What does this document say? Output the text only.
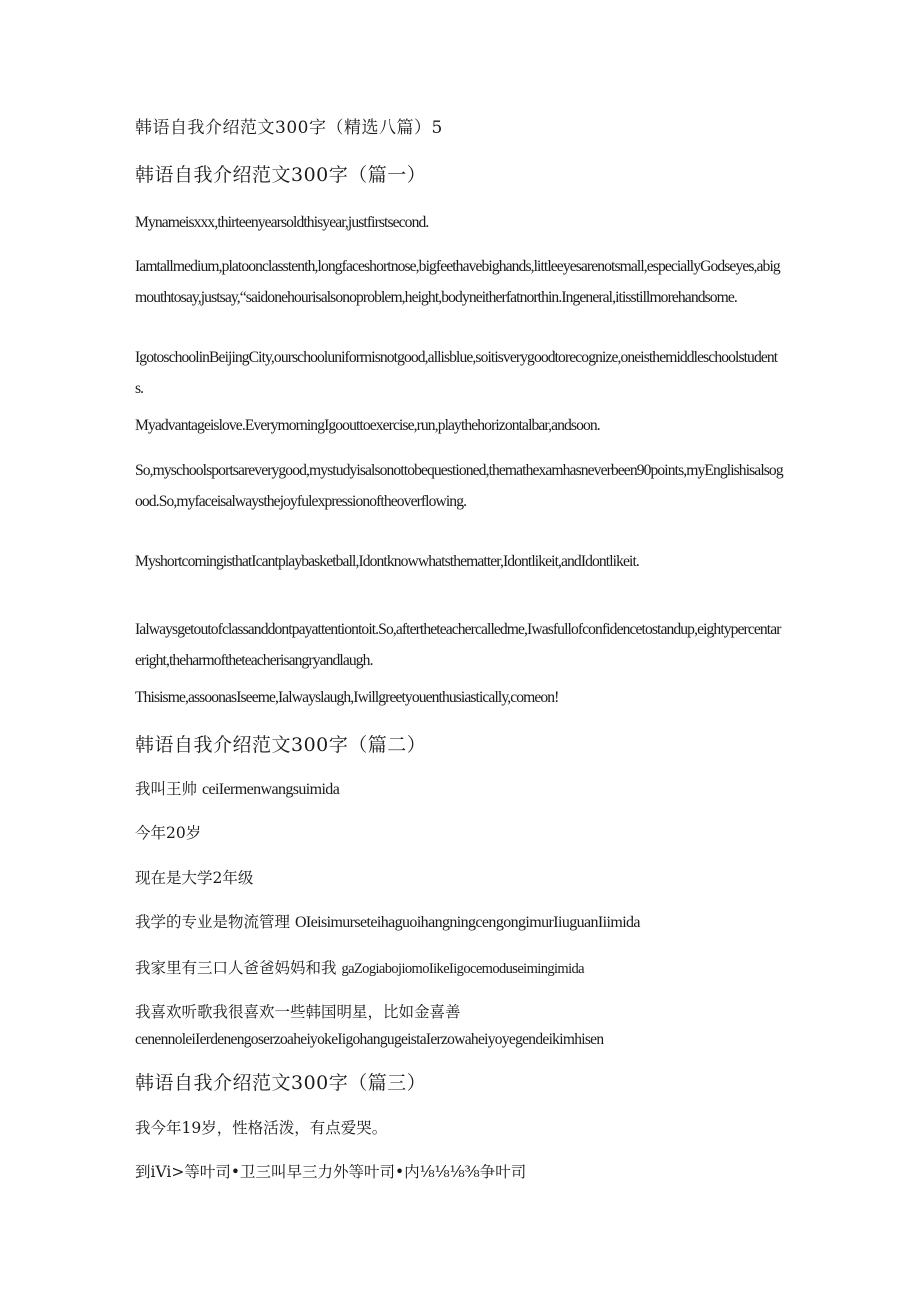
韩语自我介绍范文300字（精选八篇）5
韩语自我介绍范文300字（篇一）
Mynameisxxx,thirteenyearsoldthisyear,justfirstsecond.
Iamtallmedium,platoonclasstenth,longfaceshortnose,bigfeethavebighands,littleeyesarenotsmall,especiallyGodseyes,abigmouthtosay,justsay,“saidonehourisalsonoproblem,height,bodyneitherfatnorthin.Ingeneral,itisstillmorehandsome.
IgotoschoolinBeijingCity,ourschooluniformisnotgood,allisblue,soitisverygoodtorecognize,oneisthemiddleschoolstudents.
Myadvantageislove.EverymorningIgoouttoexercise,run,playthehorizontalbar,andsoon.
So,myschoolsportsareverygood,mystudyisalsonottobequestioned,themathexamhasneverbeen90points,myEnglishisalsogood.So,myfaceisalwaysthejoyfulexpressionoftheoverflowing.
MyshortcomingisthatIcantplaybasketball,Idontknowwhatsthematter,Idontlikeit,andIdontlikeit.
Ialwaysgetoutofclassanddontpayattentiontoit.So,aftertheteachercalledme,Iwasfullofconfidencetostandup,eightypercentareright,theharmoftheteacherisangryandlaugh.
Thisisme,assoonasIseeme,Ialwayslaugh,Iwillgreetyouenthusiastically,comeon!
韩语自我介绍范文300字（篇二）
我叫王帅 ceiIermenwangsuimida
今年20岁
现在是大学2年级
我学的专业是物流管理 OIeisimurseteihaguoihangningcengongimurIiuguanIiimida
我家里有三口人爸爸妈妈和我 gaZogiabojiomoIikeIigocemoduseimingimida
我喜欢听歌我很喜欢一些韩国明星，比如金喜善
cenennoleiIerdenengoserzoaheiyokeIigohangugeistaIerzowaheiyoyegendeikimhisen
韩语自我介绍范文300字（篇三）
我今年19岁，性格活泼，有点爱哭。
到iVi>等叶司•卫三叫早三力外等叶司•内⅛⅛⅛⅜争叶司
